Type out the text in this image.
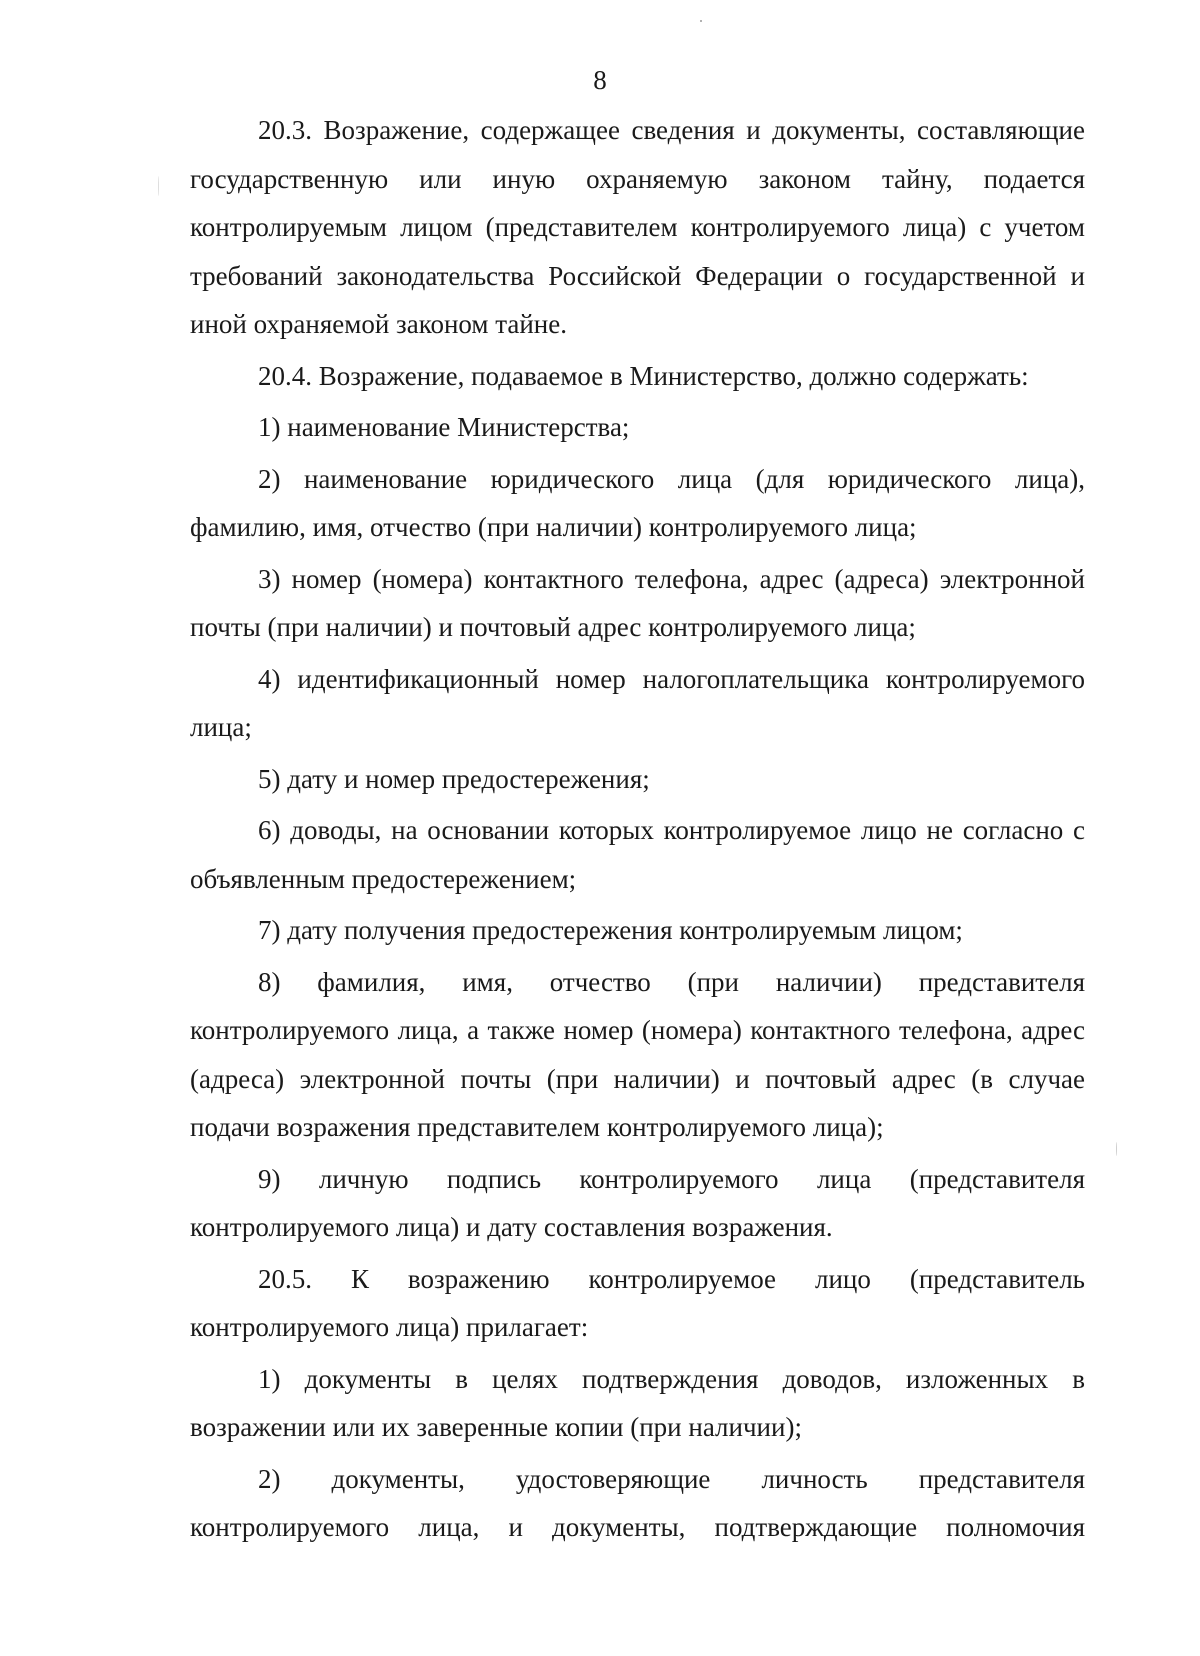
8

20.3. Возражение, содержащее сведения и документы, составляющие государственную или иную охраняемую законом тайну, подается контролируемым лицом (представителем контролируемого лица) с учетом требований законодательства Российской Федерации о государственной и иной охраняемой законом тайне.

20.4. Возражение, подаваемое в Министерство, должно содержать:

1) наименование Министерства;

2) наименование юридического лица (для юридического лица), фамилию, имя, отчество (при наличии) контролируемого лица;

3) номер (номера) контактного телефона, адрес (адреса) электронной почты (при наличии) и почтовый адрес контролируемого лица;

4) идентификационный номер налогоплательщика контролируемого лица;

5) дату и номер предостережения;

6) доводы, на основании которых контролируемое лицо не согласно с объявленным предостережением;

7) дату получения предостережения контролируемым лицом;

8) фамилия, имя, отчество (при наличии) представителя контролируемого лица, а также номер (номера) контактного телефона, адрес (адреса) электронной почты (при наличии) и почтовый адрес (в случае подачи возражения представителем контролируемого лица);

9) личную подпись контролируемого лица (представителя контролируемого лица) и дату составления возражения.

20.5. К возражению контролируемое лицо (представитель контролируемого лица) прилагает:

1) документы в целях подтверждения доводов, изложенных в возражении или их заверенные копии (при наличии);

2) документы, удостоверяющие личность представителя контролируемого лица, и документы, подтверждающие полномочия
